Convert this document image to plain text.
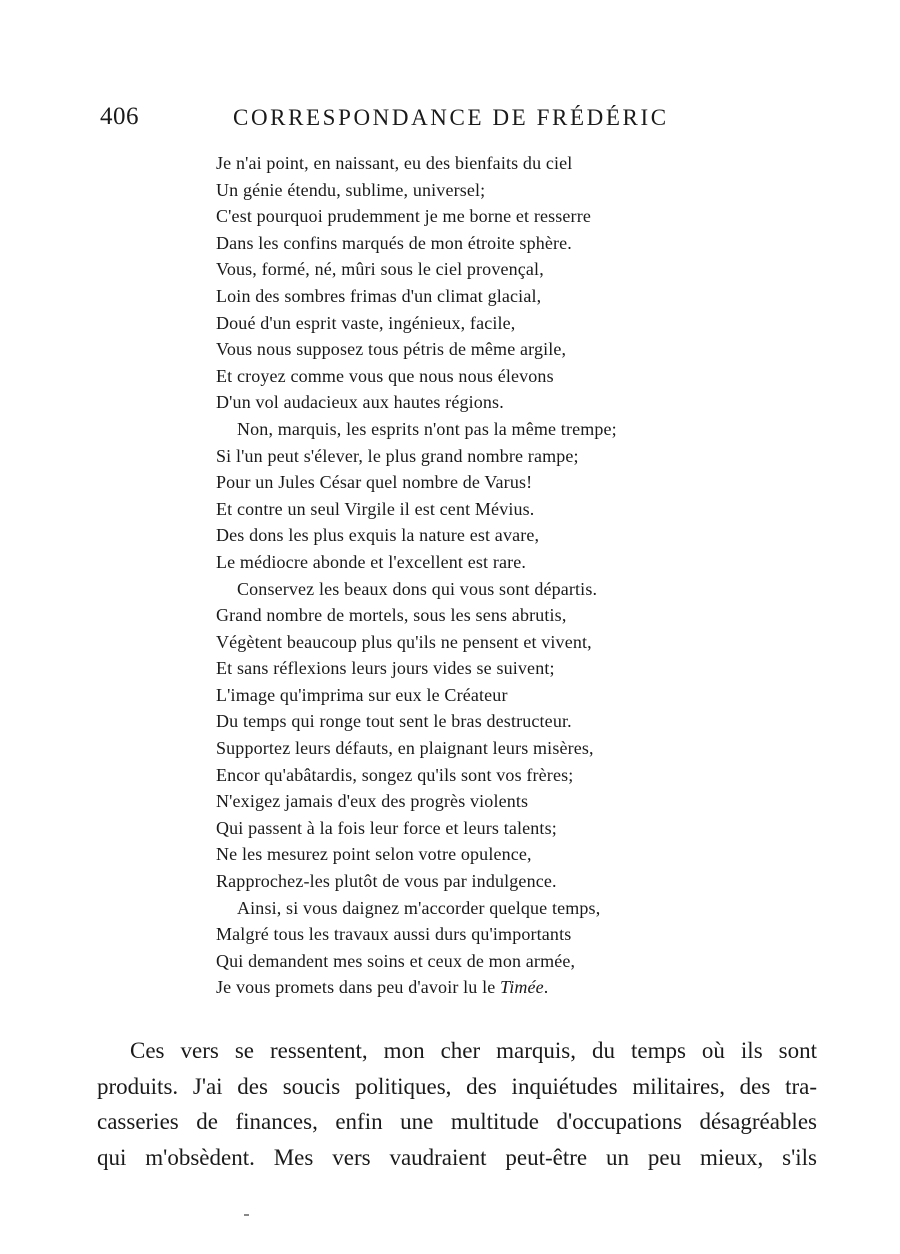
406	CORRESPONDANCE DE FRÉDÉRIC
Je n'ai point, en naissant, eu des bienfaits du ciel
Un génie étendu, sublime, universel;
C'est pourquoi prudemment je me borne et resserre
Dans les confins marqués de mon étroite sphère.
Vous, formé, né, mûri sous le ciel provençal,
Loin des sombres frimas d'un climat glacial,
Doué d'un esprit vaste, ingénieux, facile,
Vous nous supposez tous pétris de même argile,
Et croyez comme vous que nous nous élevons
D'un vol audacieux aux hautes régions.
Non, marquis, les esprits n'ont pas la même trempe;
Si l'un peut s'élever, le plus grand nombre rampe;
Pour un Jules César quel nombre de Varus!
Et contre un seul Virgile il est cent Mévius.
Des dons les plus exquis la nature est avare,
Le médiocre abonde et l'excellent est rare.
Conservez les beaux dons qui vous sont départis.
Grand nombre de mortels, sous les sens abrutis,
Végètent beaucoup plus qu'ils ne pensent et vivent,
Et sans réflexions leurs jours vides se suivent;
L'image qu'imprima sur eux le Créateur
Du temps qui ronge tout sent le bras destructeur.
Supportez leurs défauts, en plaignant leurs misères,
Encor qu'abâtardis, songez qu'ils sont vos frères;
N'exigez jamais d'eux des progrès violents
Qui passent à la fois leur force et leurs talents;
Ne les mesurez point selon votre opulence,
Rapprochez-les plutôt de vous par indulgence.
Ainsi, si vous daignez m'accorder quelque temps,
Malgré tous les travaux aussi durs qu'importants
Qui demandent mes soins et ceux de mon armée,
Je vous promets dans peu d'avoir lu le Timée.
Ces vers se ressentent, mon cher marquis, du temps où ils sont
produits. J'ai des soucis politiques, des inquiétudes militaires, des tra-
casseries de finances, enfin une multitude d'occupations désagréables
qui m'obsèdent. Mes vers vaudraient peut-être un peu mieux, s'ils
